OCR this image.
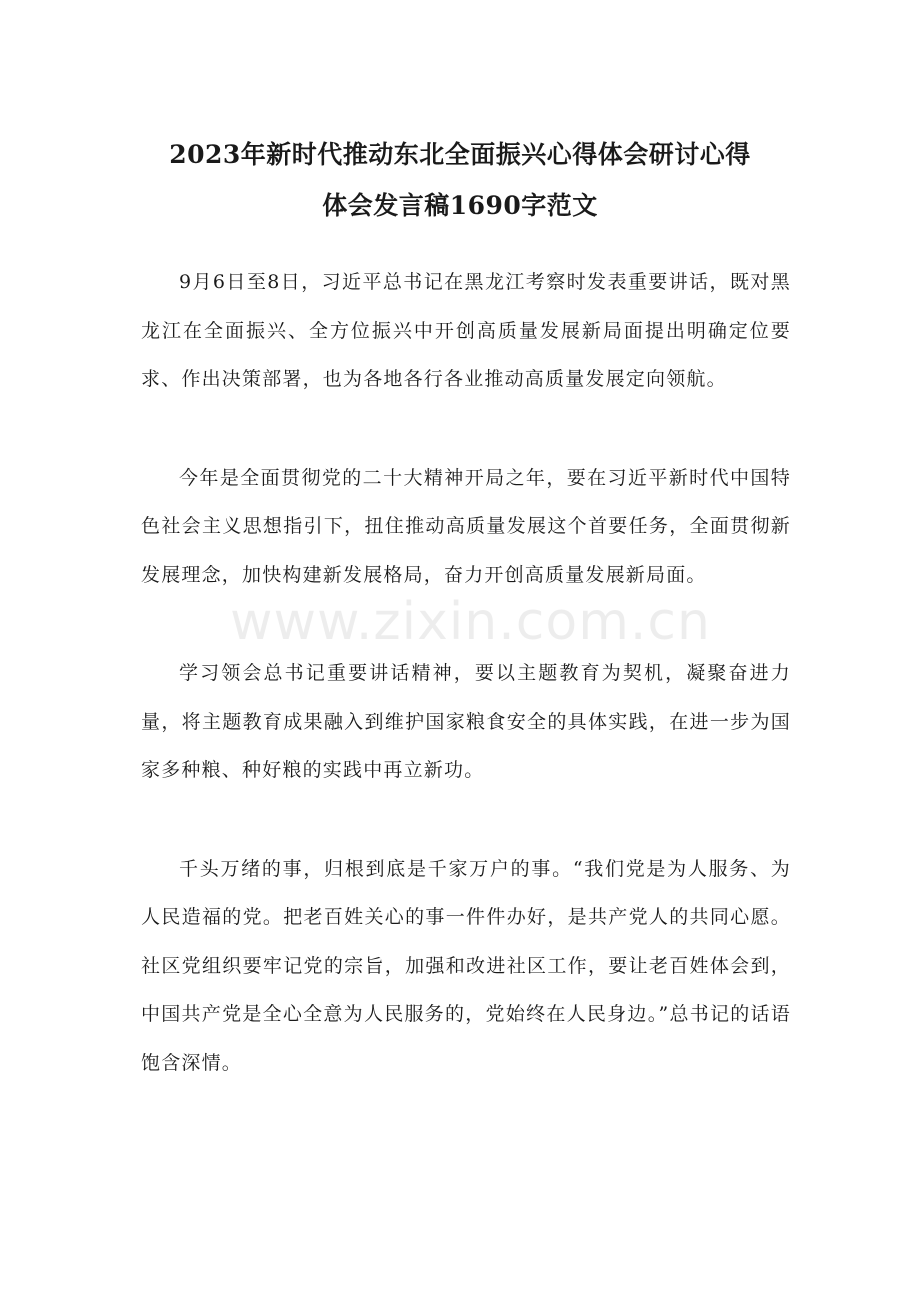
2023年新时代推动东北全面振兴心得体会研讨心得
体会发言稿1690字范文

9月6日至8日，习近平总书记在黑龙江考察时发表重要讲话，既对黑龙江在全面振兴、全方位振兴中开创高质量发展新局面提出明确定位要求、作出决策部署，也为各地各行各业推动高质量发展定向领航。

今年是全面贯彻党的二十大精神开局之年，要在习近平新时代中国特色社会主义思想指引下，扭住推动高质量发展这个首要任务，全面贯彻新发展理念，加快构建新发展格局，奋力开创高质量发展新局面。

学习领会总书记重要讲话精神，要以主题教育为契机，凝聚奋进力量，将主题教育成果融入到维护国家粮食安全的具体实践，在进一步为国家多种粮、种好粮的实践中再立新功。

千头万绪的事，归根到底是千家万户的事。“我们党是为人服务、为人民造福的党。把老百姓关心的事一件件办好，是共产党人的共同心愿。社区党组织要牢记党的宗旨，加强和改进社区工作，要让老百姓体会到，中国共产党是全心全意为人民服务的，党始终在人民身边。”总书记的话语饱含深情。

www.zixin.com.cn
